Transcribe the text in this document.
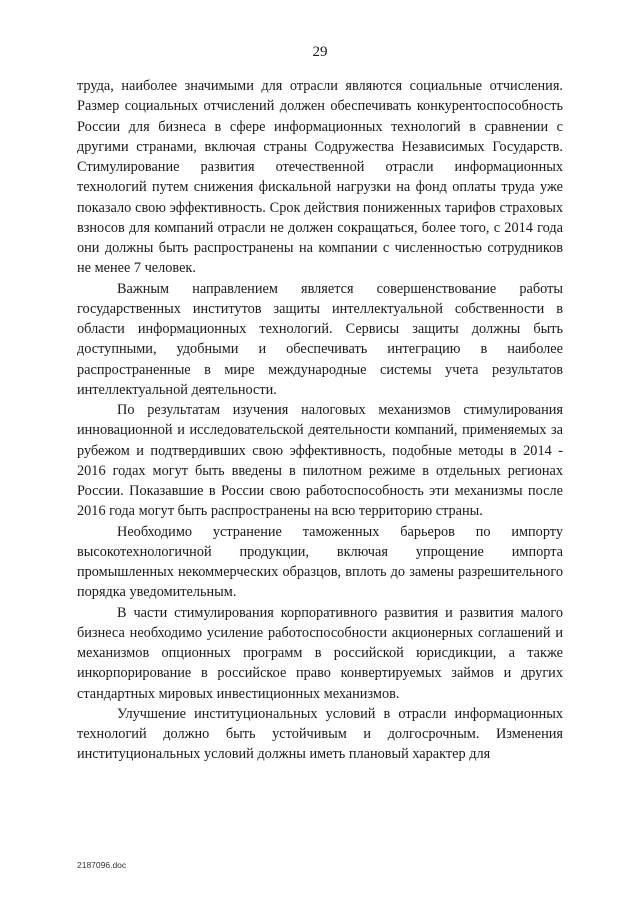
29

труда, наиболее значимыми для отрасли являются социальные отчисления. Размер социальных отчислений должен обеспечивать конкурентоспособность России для бизнеса в сфере информационных технологий в сравнении с другими странами, включая страны Содружества Независимых Государств. Стимулирование развития отечественной отрасли информационных технологий путем снижения фискальной нагрузки на фонд оплаты труда уже показало свою эффективность. Срок действия пониженных тарифов страховых взносов для компаний отрасли не должен сокращаться, более того, с 2014 года они должны быть распространены на компании с численностью сотрудников не менее 7 человек.

Важным направлением является совершенствование работы государственных институтов защиты интеллектуальной собственности в области информационных технологий. Сервисы защиты должны быть доступными, удобными и обеспечивать интеграцию в наиболее распространенные в мире международные системы учета результатов интеллектуальной деятельности.

По результатам изучения налоговых механизмов стимулирования инновационной и исследовательской деятельности компаний, применяемых за рубежом и подтвердивших свою эффективность, подобные методы в 2014 - 2016 годах могут быть введены в пилотном режиме в отдельных регионах России. Показавшие в России свою работоспособность эти механизмы после 2016 года могут быть распространены на всю территорию страны.

Необходимо устранение таможенных барьеров по импорту высокотехнологичной продукции, включая упрощение импорта промышленных некоммерческих образцов, вплоть до замены разрешительного порядка уведомительным.

В части стимулирования корпоративного развития и развития малого бизнеса необходимо усиление работоспособности акционерных соглашений и механизмов опционных программ в российской юрисдикции, а также инкорпорирование в российское право конвертируемых займов и других стандартных мировых инвестиционных механизмов.

Улучшение институциональных условий в отрасли информационных технологий должно быть устойчивым и долгосрочным. Изменения институциональных условий должны иметь плановый характер для

2187096.doc
